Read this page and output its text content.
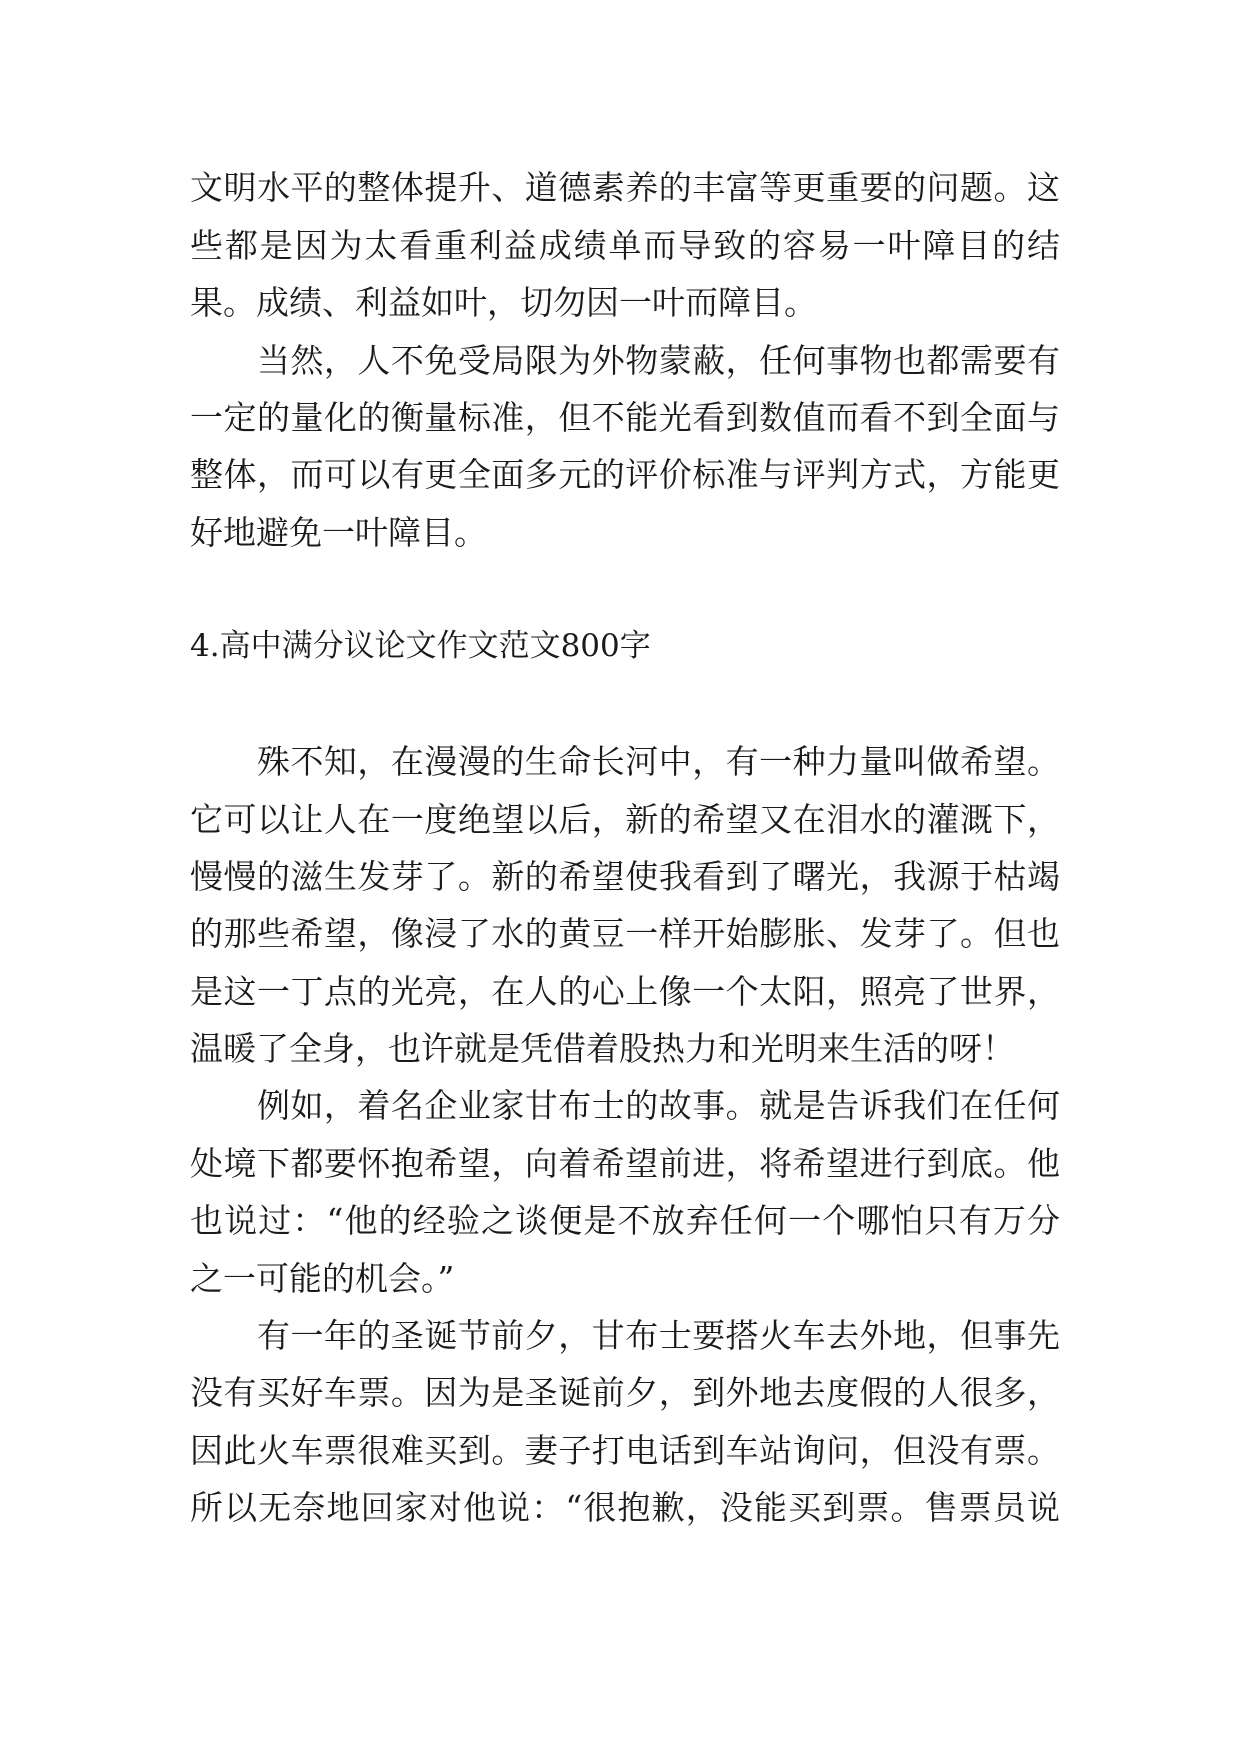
文明水平的整体提升、道德素养的丰富等更重要的问题。这
些都是因为太看重利益成绩单而导致的容易一叶障目的结
果。成绩、利益如叶，切勿因一叶而障目。
　　当然，人不免受局限为外物蒙蔽，任何事物也都需要有
一定的量化的衡量标准，但不能光看到数值而看不到全面与
整体，而可以有更全面多元的评价标准与评判方式，方能更
好地避免一叶障目。
4.高中满分议论文作文范文800字
　　殊不知，在漫漫的生命长河中，有一种力量叫做希望。
它可以让人在一度绝望以后，新的希望又在泪水的灌溉下，
慢慢的滋生发芽了。新的希望使我看到了曙光，我源于枯竭
的那些希望，像浸了水的黄豆一样开始膨胀、发芽了。但也
是这一丁点的光亮，在人的心上像一个太阳，照亮了世界，
温暖了全身，也许就是凭借着股热力和光明来生活的呀！
　　例如，着名企业家甘布士的故事。就是告诉我们在任何
处境下都要怀抱希望，向着希望前进，将希望进行到底。他
也说过：“他的经验之谈便是不放弃任何一个哪怕只有万分
之一可能的机会。”
　　有一年的圣诞节前夕，甘布士要搭火车去外地，但事先
没有买好车票。因为是圣诞前夕，到外地去度假的人很多，
因此火车票很难买到。妻子打电话到车站询问，但没有票。
所以无奈地回家对他说：“很抱歉，没能买到票。售票员说
